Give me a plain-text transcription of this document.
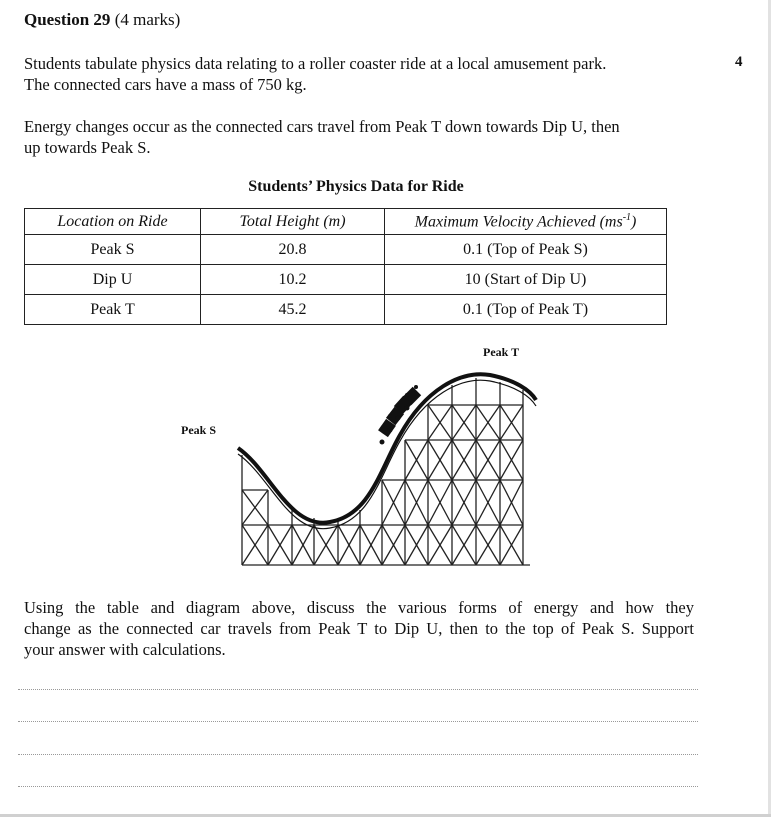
Question 29 (4 marks)
4
Students tabulate physics data relating to a roller coaster ride at a local amusement park.
The connected cars have a mass of 750 kg.
Energy changes occur as the connected cars travel from Peak T down towards Dip U, then
up towards Peak S.
Students’ Physics Data for Ride
Location on Ride	Total Height (m)	Maximum Velocity Achieved $(ms^{-1})$
Peak S	20.8	0.1 (Top of Peak S)
Dip U	10.2	10 (Start of Dip U)
Peak T	45.2	0.1 (Top of Peak T)
Peak T
Peak S
Using the table and diagram above, discuss the various forms of energy and how they
change as the connected car travels from Peak T to Dip U, then to the top of Peak S. Support
your answer with calculations.
